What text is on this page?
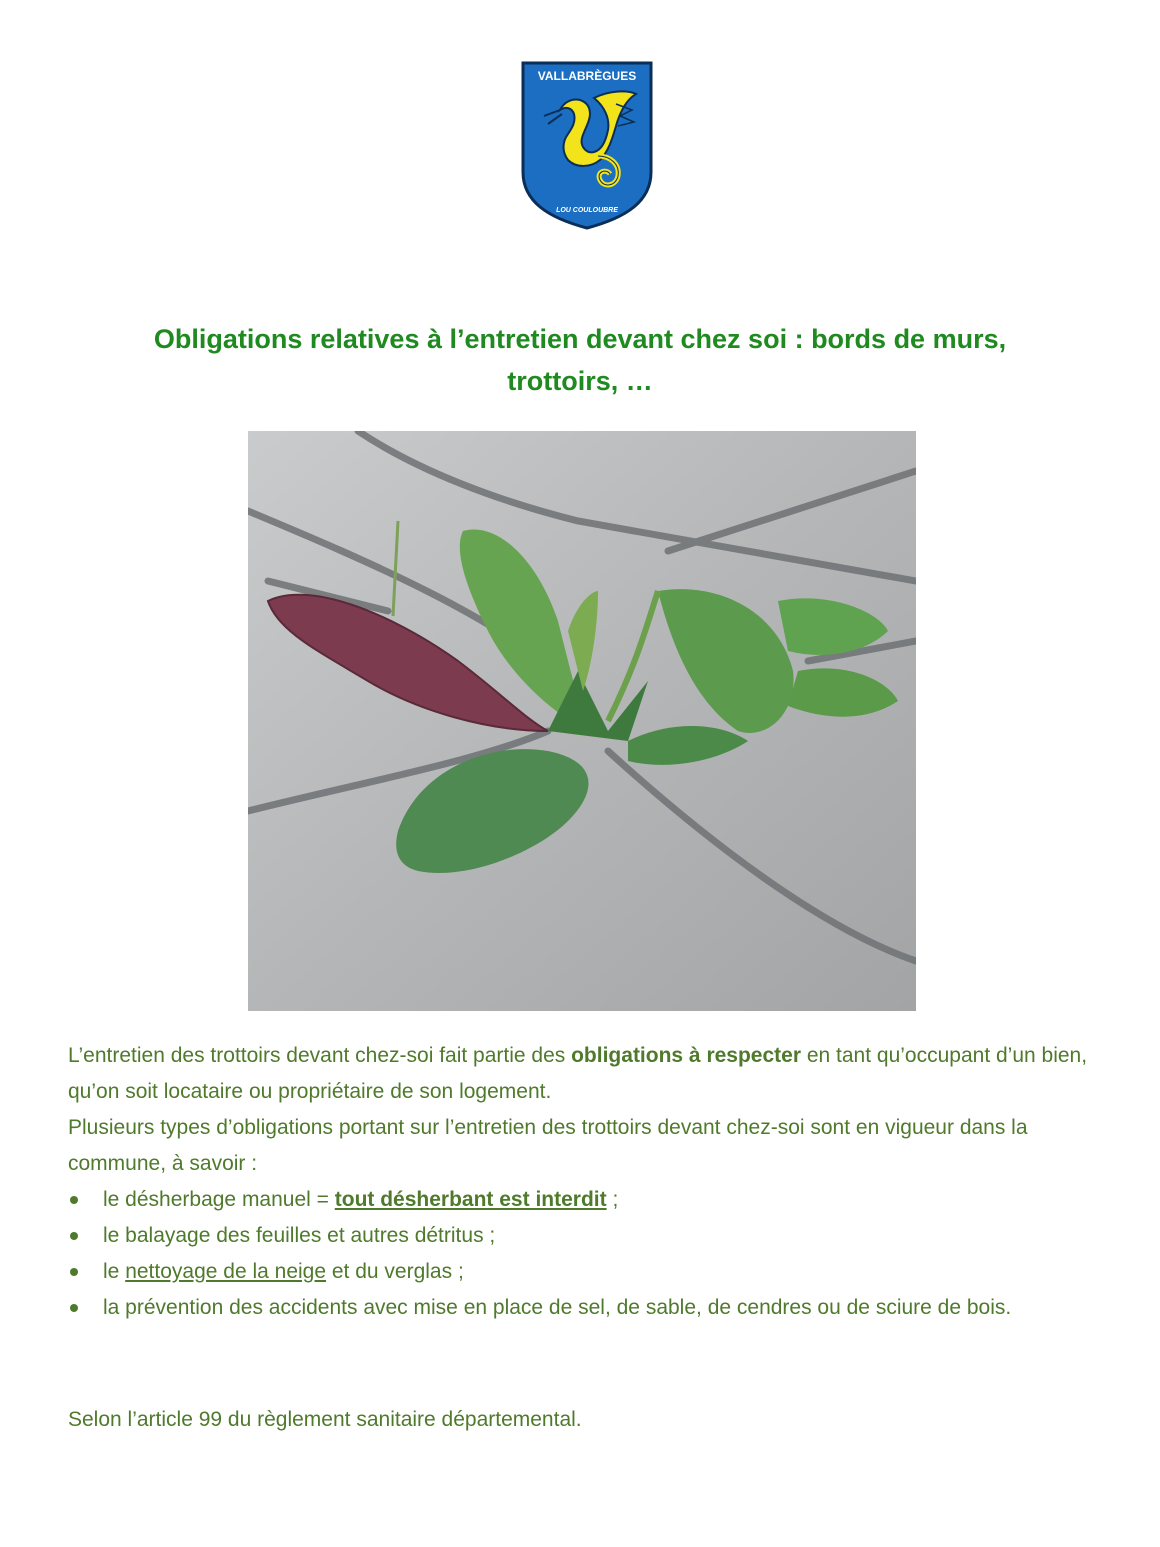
VALLABRÈGUES
LOU COULOUBRE
Obligations relatives à l’entretien devant chez soi : bords de murs,
trottoirs, …

L’entretien des trottoirs devant chez-soi fait partie des obligations à respecter en tant qu’occupant d’un bien, qu’on soit locataire ou propriétaire de son logement.

Plusieurs types d’obligations portant sur l’entretien des trottoirs devant chez-soi sont en vigueur dans la commune, à savoir :

le désherbage manuel = tout désherbant est interdit ;
le balayage des feuilles et autres détritus ;
le nettoyage de la neige et du verglas ;
la prévention des accidents avec mise en place de sel, de sable, de cendres ou de sciure de bois.

Selon l’article 99 du règlement sanitaire départemental.
